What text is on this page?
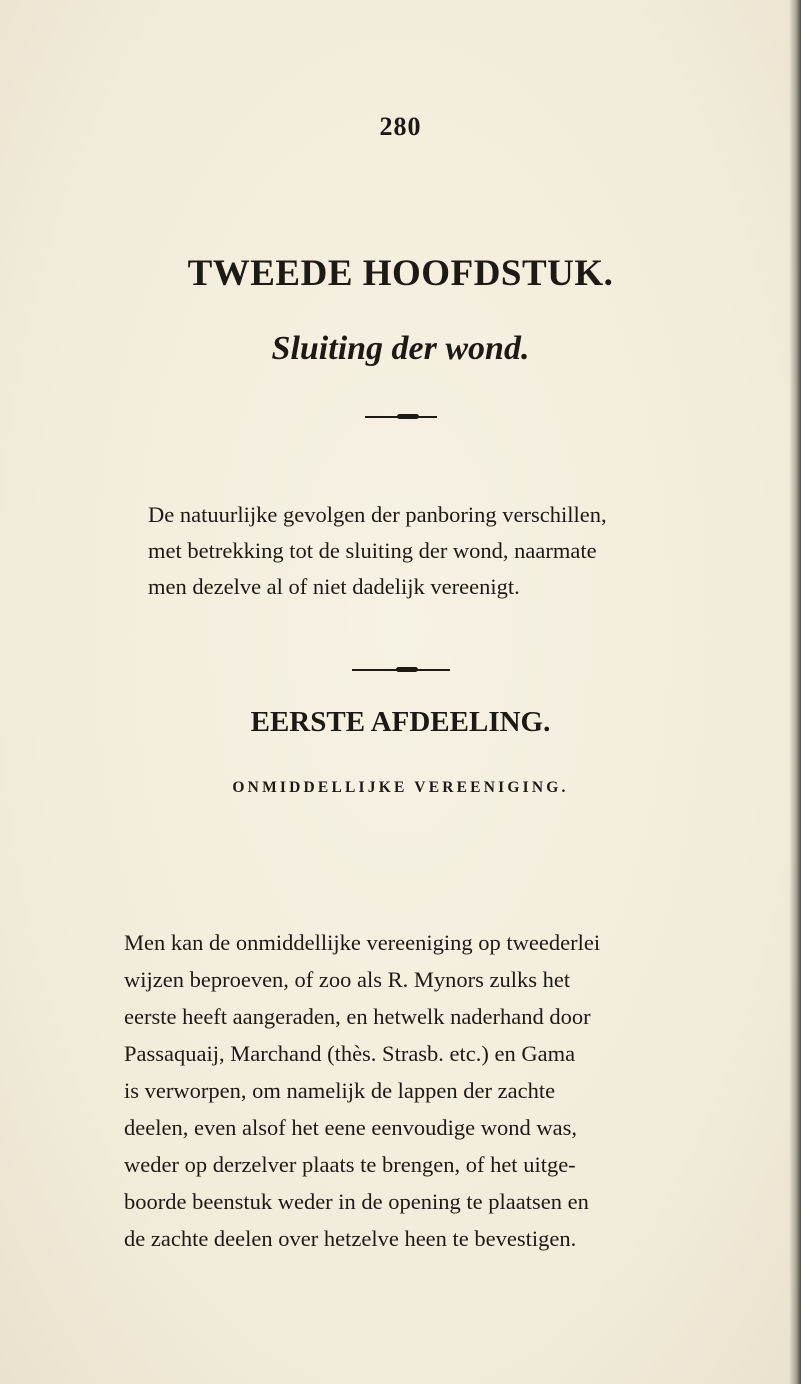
280
TWEEDE HOOFDSTUK.
Sluiting der wond.
De natuurlijke gevolgen der panboring verschillen,
met betrekking tot de sluiting der wond, naarmate
men dezelve al of niet dadelijk vereenigt.
EERSTE AFDEELING.
ONMIDDELLIJKE VEREENIGING.
Men kan de onmiddellijke vereeniging op tweederlei
wijzen beproeven, of zoo als R. Mynors zulks het
eerste heeft aangeraden, en hetwelk naderhand door
Passaquaij, Marchand (thès. Strasb. etc.) en Gama
is verworpen, om namelijk de lappen der zachte
deelen, even alsof het eene eenvoudige wond was,
weder op derzelver plaats te brengen, of het uitge-
boorde beenstuk weder in de opening te plaatsen en
de zachte deelen over hetzelve heen te bevestigen.
